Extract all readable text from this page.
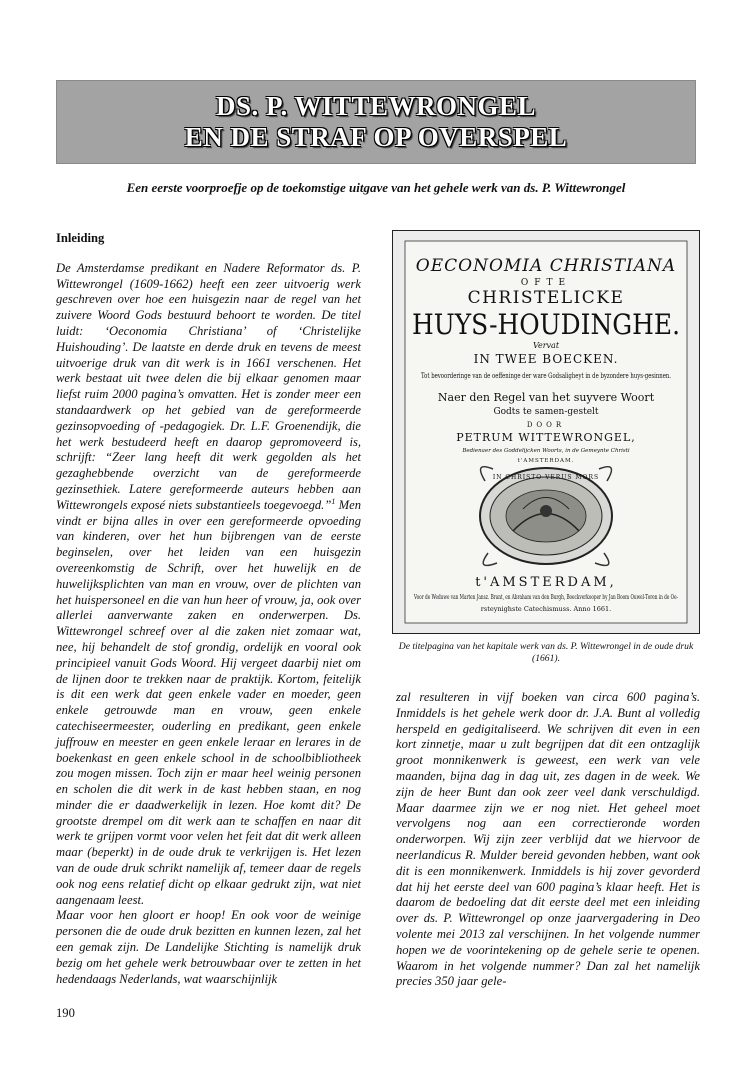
DS. P. WITTEWRONGEL
EN DE STRAF OP OVERSPEL
Een eerste voorproefje op de toekomstige uitgave van het gehele werk van ds. P. Wittewrongel
Inleiding

De Amsterdamse predikant en Nadere Reformator ds. P. Wittewrongel (1609-1662) heeft een zeer uitvoerig werk geschreven over hoe een huisgezin naar de regel van het zuivere Woord Gods bestuurd behoort te worden. De titel luidt: ‘Oeconomia Christiana’ of ‘Christelijke Huishouding’. De laatste en derde druk en tevens de meest uitvoerige druk van dit werk is in 1661 verschenen. Het werk bestaat uit twee delen die bij elkaar genomen maar liefst ruim 2000 pagina’s omvatten. Het is zonder meer een standaardwerk op het gebied van de gereformeerde gezinsopvoeding of -pedagogiek. Dr. L.F. Groenendijk, die het werk bestudeerd heeft en daarop gepromoveerd is, schrijft: “Zeer lang heeft dit werk gegolden als het gezaghebbende overzicht van de gereformeerde gezinsethiek. Latere gereformeerde auteurs hebben aan Wittewrongels exposé niets substantieels toegevoegd.”$^1$ Men vindt er bijna alles in over een gereformeerde opvoeding van kinderen, over het hun bijbrengen van de eerste beginselen, over het leiden van een huisgezin overeenkomstig de Schrift, over het huwelijk en de huwelijksplichten van man en vrouw, over de plichten van het huispersoneel en die van hun heer of vrouw, ja, ook over allerlei aanverwante zaken en onderwerpen. Ds. Wittewrongel schreef over al die zaken niet zomaar wat, nee, hij behandelt de stof grondig, ordelijk en vooral ook principieel vanuit Gods Woord. Hij vergeet daarbij niet om de lijnen door te trekken naar de praktijk. Kortom, feitelijk is dit een werk dat geen enkele vader en moeder, geen enkele getrouwde man en vrouw, geen enkele catechiseermeester, ouderling en predikant, geen enkele juffrouw en meester en geen enkele leraar en lerares in de boekenkast en geen enkele school in de schoolbibliotheek zou mogen missen. Toch zijn er maar heel weinig personen en scholen die dit werk in de kast hebben staan, en nog minder die er daadwerkelijk in lezen. Hoe komt dit? De grootste drempel om dit werk aan te schaffen en naar dit werk te grijpen vormt voor velen het feit dat dit werk alleen maar (beperkt) in de oude druk te verkrijgen is. Het lezen van de oude druk schrikt namelijk af, temeer daar de regels ook nog eens relatief dicht op elkaar gedrukt zijn, wat niet aangenaam leest.

Maar voor hen gloort er hoop! En ook voor de weinige personen die de oude druk bezitten en kunnen lezen, zal het een gemak zijn. De Landelijke Stichting is namelijk druk bezig om het gehele werk betrouwbaar over te zetten in het hedendaags Nederlands, wat waarschijnlijk

OECONOMIA CHRISTIANA
OFTE
CHRISTELICKE
HUYS-HOUDINGHE.
Vervat
IN TWEE BOECKEN.
Tot bevoorderinge van de oeffeninge der ware Godsaligheyt in de byzondere huys-gesinnen.
Naer den Regel van het suyvere Woort
Godts te samen-gestelt
DOOR
PETRUM WITTEWRONGEL,
Bedienaer des Goddelijcken Woorts, in de Gemeynte Christi
t'AMSTERDAM.
IN CHRISTO VERUS MORS
t'AMSTERDAM,
Voor de Weduwe van Marten Jansz. Brant, en Abraham van den Burgh, Boeckverkooper by Jan Boom Ouwel-Toren in de Oe-
rsteynighste Catechismuss. Anno 1661.
De titelpagina van het kapitale werk van ds. P. Wittewrongel in de oude druk (1661).

zal resulteren in vijf boeken van circa 600 pagina’s. Inmiddels is het gehele werk door dr. J.A. Bunt al volledig herspeld en gedigitaliseerd. We schrijven dit even in een kort zinnetje, maar u zult begrijpen dat dit een ontzaglijk groot monnikenwerk is geweest, een werk van vele maanden, bijna dag in dag uit, zes dagen in de week. We zijn de heer Bunt dan ook zeer veel dank verschuldigd. Maar daarmee zijn we er nog niet. Het geheel moet vervolgens nog aan een correctieronde worden onderworpen. Wij zijn zeer verblijd dat we hiervoor de neerlandicus R. Mulder bereid gevonden hebben, want ook dit is een monnikenwerk. Inmiddels is hij zover gevorderd dat hij het eerste deel van 600 pagina’s klaar heeft. Het is daarom de bedoeling dat dit eerste deel met een inleiding over ds. P. Wittewrongel op onze jaarvergadering in Deo volente mei 2013 zal verschijnen. In het volgende nummer hopen we de voorintekening op de gehele serie te openen. Waarom in het volgende nummer? Dan zal het namelijk precies 350 jaar gele-

190
